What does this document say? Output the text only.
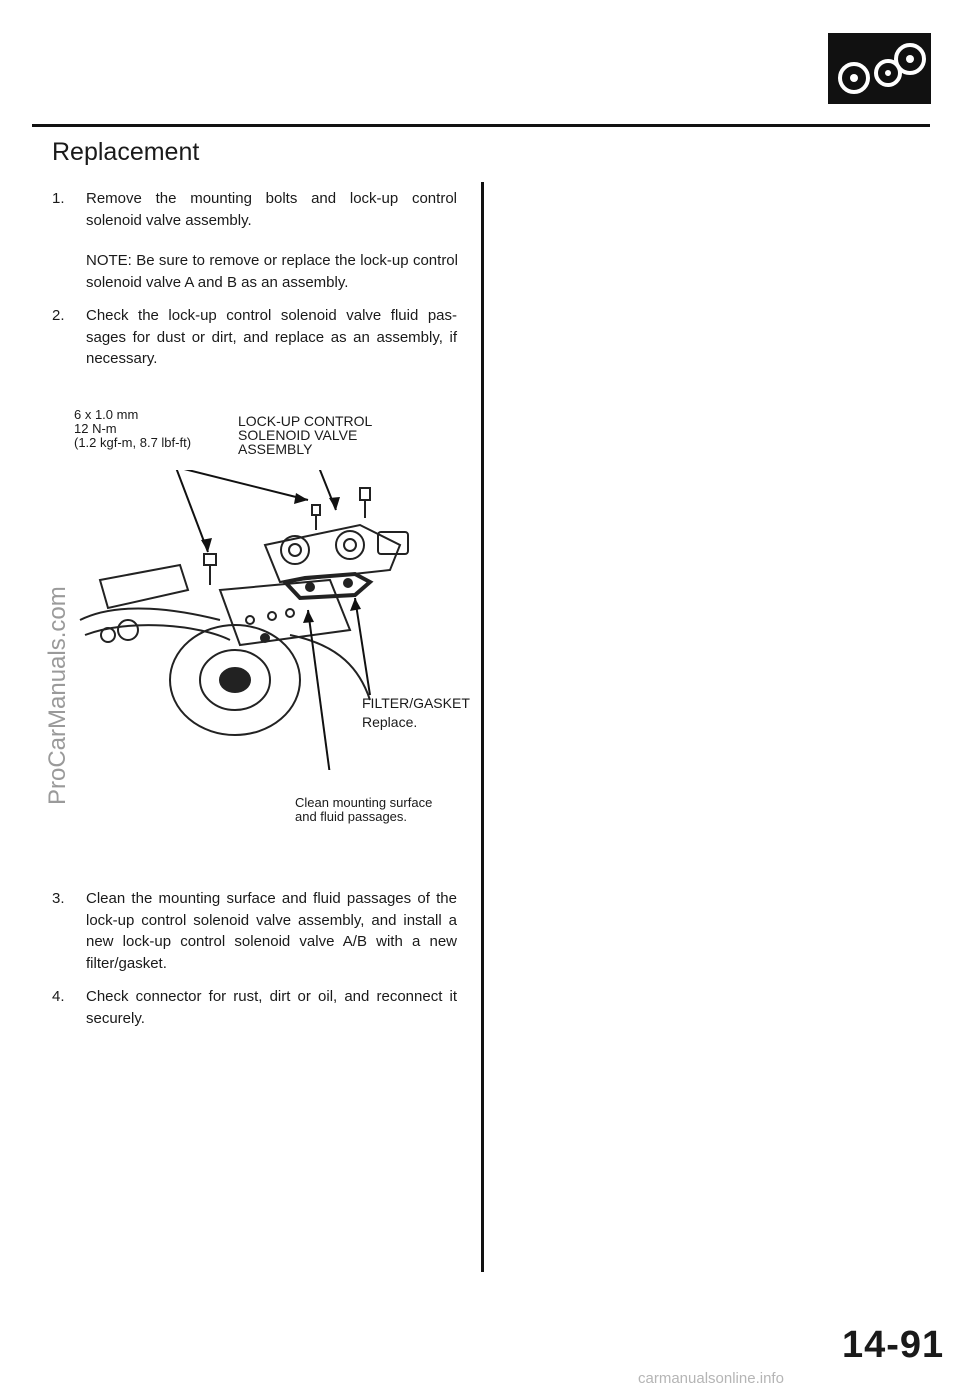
Replacement
1. Remove the mounting bolts and lock-up control solenoid valve assembly.
NOTE: Be sure to remove or replace the lock-up control solenoid valve A and B as an assembly.
2. Check the lock-up control solenoid valve fluid pas-sages for dust or dirt, and replace as an assembly, if necessary.
6 x 1.0 mm
12 N-m
(1.2 kgf-m, 8.7 lbf-ft)
LOCK-UP CONTROL
SOLENOID VALVE
ASSEMBLY
FILTER/GASKET
Replace.
Clean mounting surface
and fluid passages.
3. Clean the mounting surface and fluid passages of the lock-up control solenoid valve assembly, and install a new lock-up control solenoid valve A/B with a new filter/gasket.
4. Check connector for rust, dirt or oil, and reconnect it securely.
ProCarManuals.com
14-91
carmanualsonline.info
